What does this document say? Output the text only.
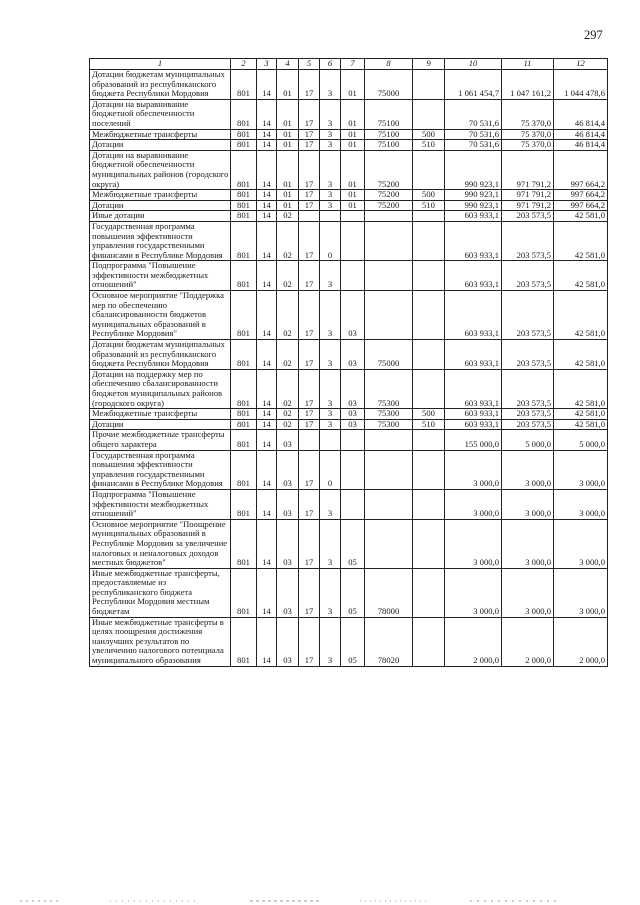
297
1	2	3	4	5	6	7	8	9	10	11	12
Дотации бюджетам муниципальных образований из республиканского бюджета Республики Мордовия	801	14	01	17	3	01	75000		1 061 454,7	1 047 161,2	1 044 478,6
Дотации на выравнивание бюджетной обеспеченности поселений	801	14	01	17	3	01	75100		70 531,6	75 370,0	46 814,4
Межбюджетные трансферты	801	14	01	17	3	01	75100	500	70 531,6	75 370,0	46 814,4
Дотации	801	14	01	17	3	01	75100	510	70 531,6	75 370,0	46 814,4
Дотации на выравнивание бюджетной обеспеченности муниципальных районов (городского округа)	801	14	01	17	3	01	75200		990 923,1	971 791,2	997 664,2
Межбюджетные трансферты	801	14	01	17	3	01	75200	500	990 923,1	971 791,2	997 664,2
Дотации	801	14	01	17	3	01	75200	510	990 923,1	971 791,2	997 664,2
Иные дотации	801	14	02						603 933,1	203 573,5	42 581,0
Государственная программа повышения эффективности управления государственными финансами в Республике Мордовия	801	14	02	17	0				603 933,1	203 573,5	42 581,0
Подпрограмма "Повышение эффективности межбюджетных отношений"	801	14	02	17	3				603 933,1	203 573,5	42 581,0
Основное мероприятие "Поддержка мер по обеспечению сбалансированности бюджетов муниципальных образований в Республике Мордовия"	801	14	02	17	3	03			603 933,1	203 573,5	42 581,0
Дотации бюджетам муниципальных образований из республиканского бюджета Республики Мордовия	801	14	02	17	3	03	75000		603 933,1	203 573,5	42 581,0
Дотации на поддержку мер по обеспечению сбалансированности бюджетов муниципальных районов (городского округа)	801	14	02	17	3	03	75300		603 933,1	203 573,5	42 581,0
Межбюджетные трансферты	801	14	02	17	3	03	75300	500	603 933,1	203 573,5	42 581,0
Дотации	801	14	02	17	3	03	75300	510	603 933,1	203 573,5	42 581,0
Прочие межбюджетные трансферты общего характера	801	14	03						155 000,0	5 000,0	5 000,0
Государственная программа повышения эффективности управления государственными финансами в Республике Мордовия	801	14	03	17	0				3 000,0	3 000,0	3 000,0
Подпрограмма "Повышение эффективности межбюджетных отношений"	801	14	03	17	3				3 000,0	3 000,0	3 000,0
Основное мероприятие "Поощрение муниципальных образований в Республике Мордовия за увеличение налоговых и неналоговых доходов местных бюджетов"	801	14	03	17	3	05			3 000,0	3 000,0	3 000,0
Иные межбюджетные трансферты, предоставляемые из республиканского бюджета Республики Мордовия местным бюджетам	801	14	03	17	3	05	78000		3 000,0	3 000,0	3 000,0
Иные межбюджетные трансферты в целях поощрения достижения наилучших результатов по увеличению налогового потенциала муниципального образования	801	14	03	17	3	05	78020		2 000,0	2 000,0	2 000,0
